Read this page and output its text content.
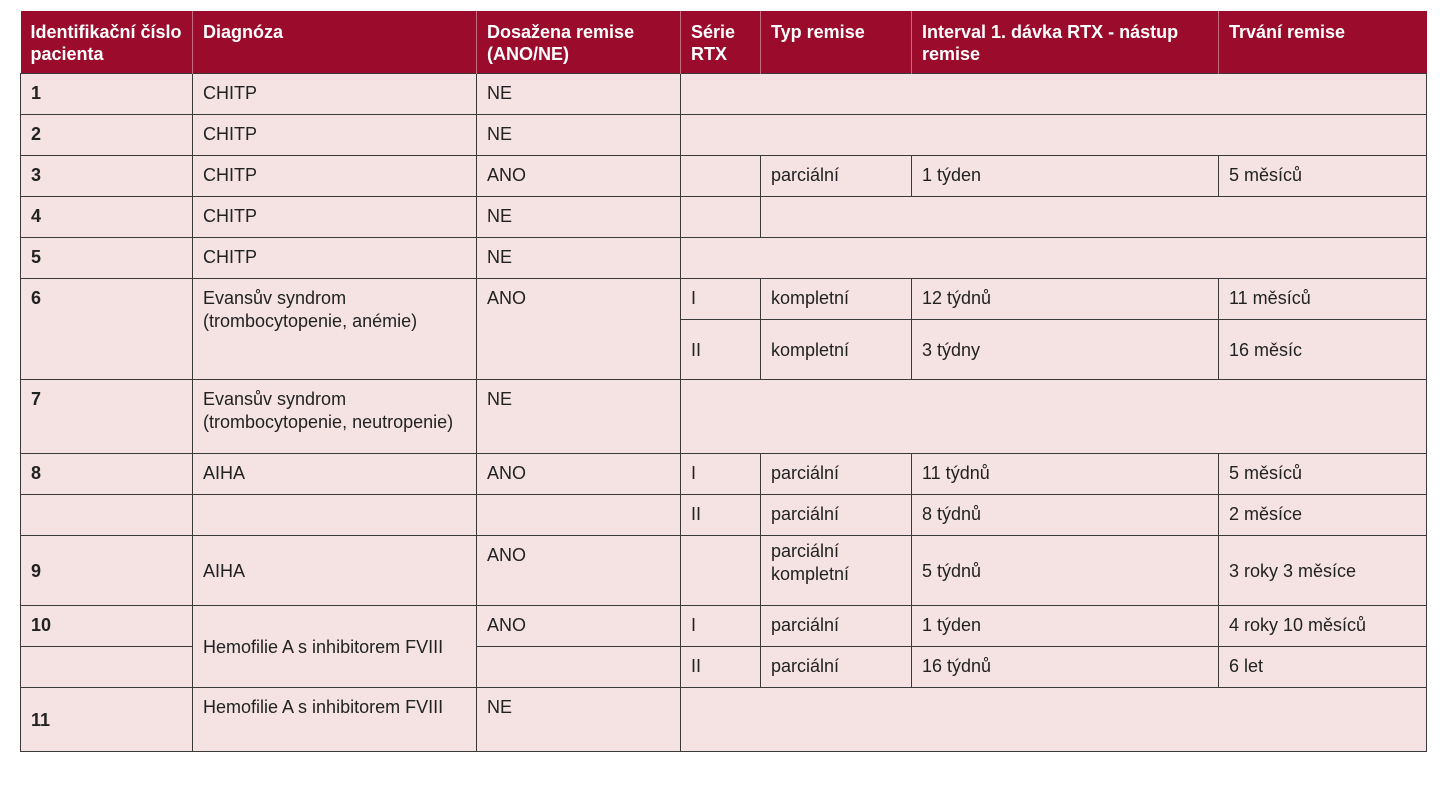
Identifikační číslo pacienta	Diagnóza	Dosažena remise (ANO/NE)	Série RTX	Typ remise	Interval 1. dávka RTX - nástup remise	Trvání remise
1	CHITP	NE				
2	CHITP	NE				
3	CHITP	ANO		parciální	1 týden	5 měsíců
4	CHITP	NE				
5	CHITP	NE				
6	Evansův syndrom (trombocytopenie, anémie)	ANO	I	kompletní	12 týdnů	11 měsíců
			II	kompletní	3 týdny	16 měsíc
7	Evansův syndrom (trombocytopenie, neutropenie)	NE				
8	AIHA	ANO	I	parciální	11 týdnů	5 měsíců
			II	parciální	8 týdnů	2 měsíce
9	AIHA	ANO		parciální kompletní	5 týdnů	3 roky 3 měsíce
10	Hemofilie A s inhibitorem FVIII	ANO	I	parciální	1 týden	4 roky 10 měsíců
			II	parciální	16 týdnů	6 let
11	Hemofilie A s inhibitorem FVIII	NE				
